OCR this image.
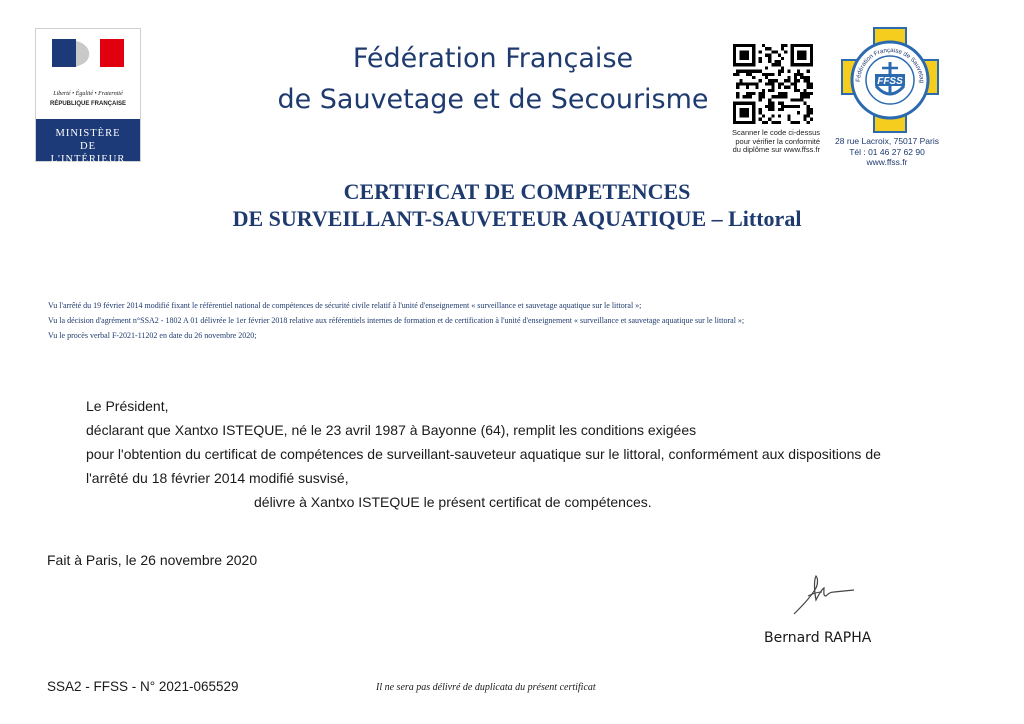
Liberté • Égalité • Fraternité
RÉPUBLIQUE FRANÇAISE
MINISTÈRE
DE
L'INTÉRIEUR
Fédération Française
de Sauvetage et de Secourisme
Scanner le code ci-dessus
pour vérifier la conformité
du diplôme sur www.ffss.fr
FFSS
Fédération Française de Sauvetag
28 rue Lacroix, 75017 Paris
Tél : 01 46 27 62 90
www.ffss.fr
CERTIFICAT DE COMPETENCES
DE SURVEILLANT-SAUVETEUR AQUATIQUE – Littoral
Vu l'arrêté du 19 février 2014 modifié fixant le référentiel national de compétences de sécurité civile relatif à l'unité d'enseignement « surveillance et sauvetage aquatique sur le littoral »;
Vu la décision d'agrément n°SSA2 - 1802 A 01 délivrée le 1er février 2018 relative aux référentiels internes de formation et de certification à l'unité d'enseignement « surveillance et sauvetage aquatique sur le littoral »;
Vu le procès verbal F-2021-11202 en date du 26 novembre 2020;
Le Président,
déclarant que Xantxo ISTEQUE, né le 23 avril 1987 à Bayonne (64), remplit les conditions exigées
pour l'obtention du certificat de compétences de surveillant-sauveteur aquatique sur le littoral, conformément aux dispositions de
l'arrêté du 18 février 2014 modifié susvisé,
délivre à Xantxo ISTEQUE le présent certificat de compétences.
Fait à Paris, le 26 novembre 2020
Bernard RAPHA
SSA2 - FFSS - N° 2021-065529	Il ne sera pas délivré de duplicata du présent certificat
